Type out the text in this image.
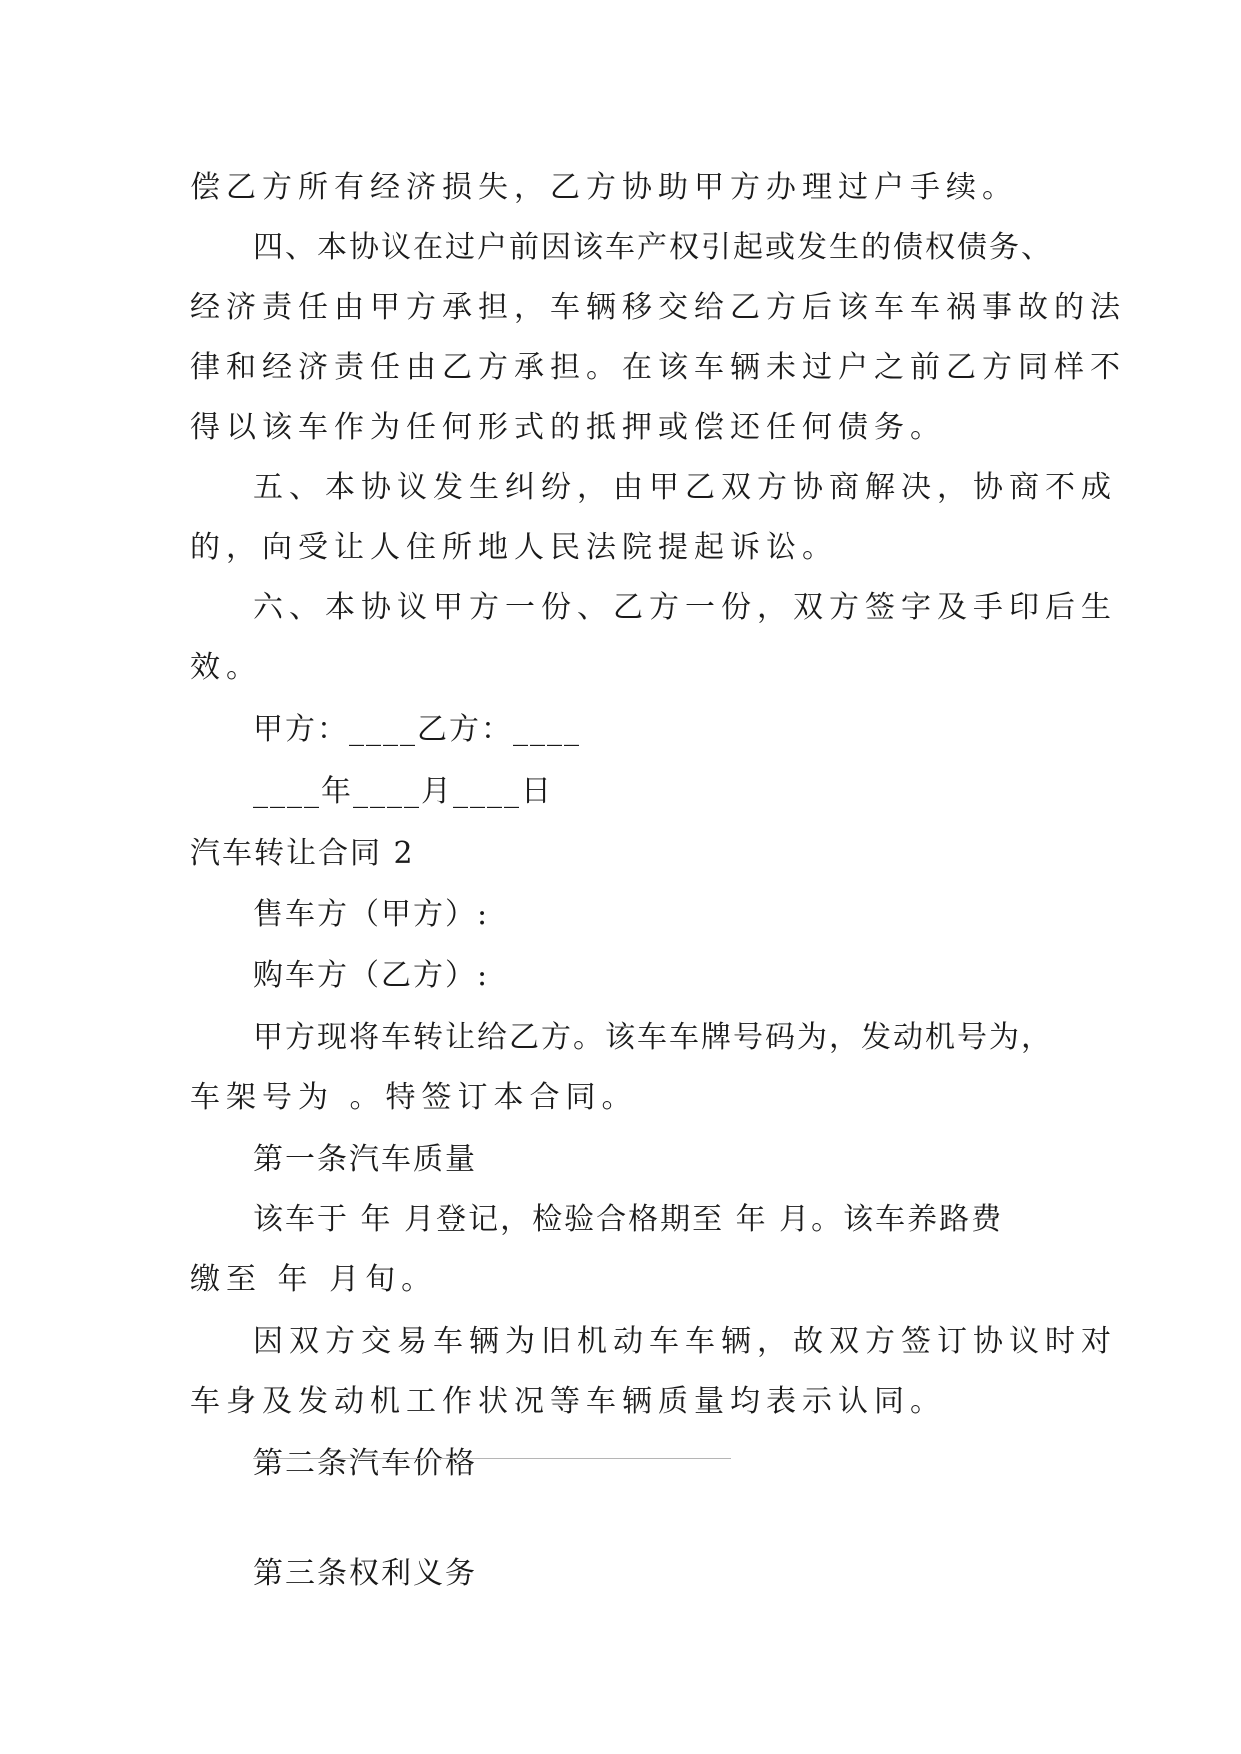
偿乙方所有经济损失，乙方协助甲方办理过户手续。
四、本协议在过户前因该车产权引起或发生的债权债务、
经济责任由甲方承担，车辆移交给乙方后该车车祸事故的法
律和经济责任由乙方承担。在该车辆未过户之前乙方同样不
得以该车作为任何形式的抵押或偿还任何债务。
五、本协议发生纠纷，由甲乙双方协商解决，协商不成
的，向受让人住所地人民法院提起诉讼。
六、本协议甲方一份、乙方一份，双方签字及手印后生
效。
甲方：____乙方：____
____年____月____日
汽车转让合同 2
售车方（甲方）:
购车方（乙方）:
甲方现将车转让给乙方。该车车牌号码为，发动机号为，
车架号为 。特签订本合同。
第一条汽车质量
该车于 年 月登记，检验合格期至 年 月。该车养路费
缴至 年 月旬。
因双方交易车辆为旧机动车车辆，故双方签订协议时对
车身及发动机工作状况等车辆质量均表示认同。
第二条汽车价格
第三条权利义务
